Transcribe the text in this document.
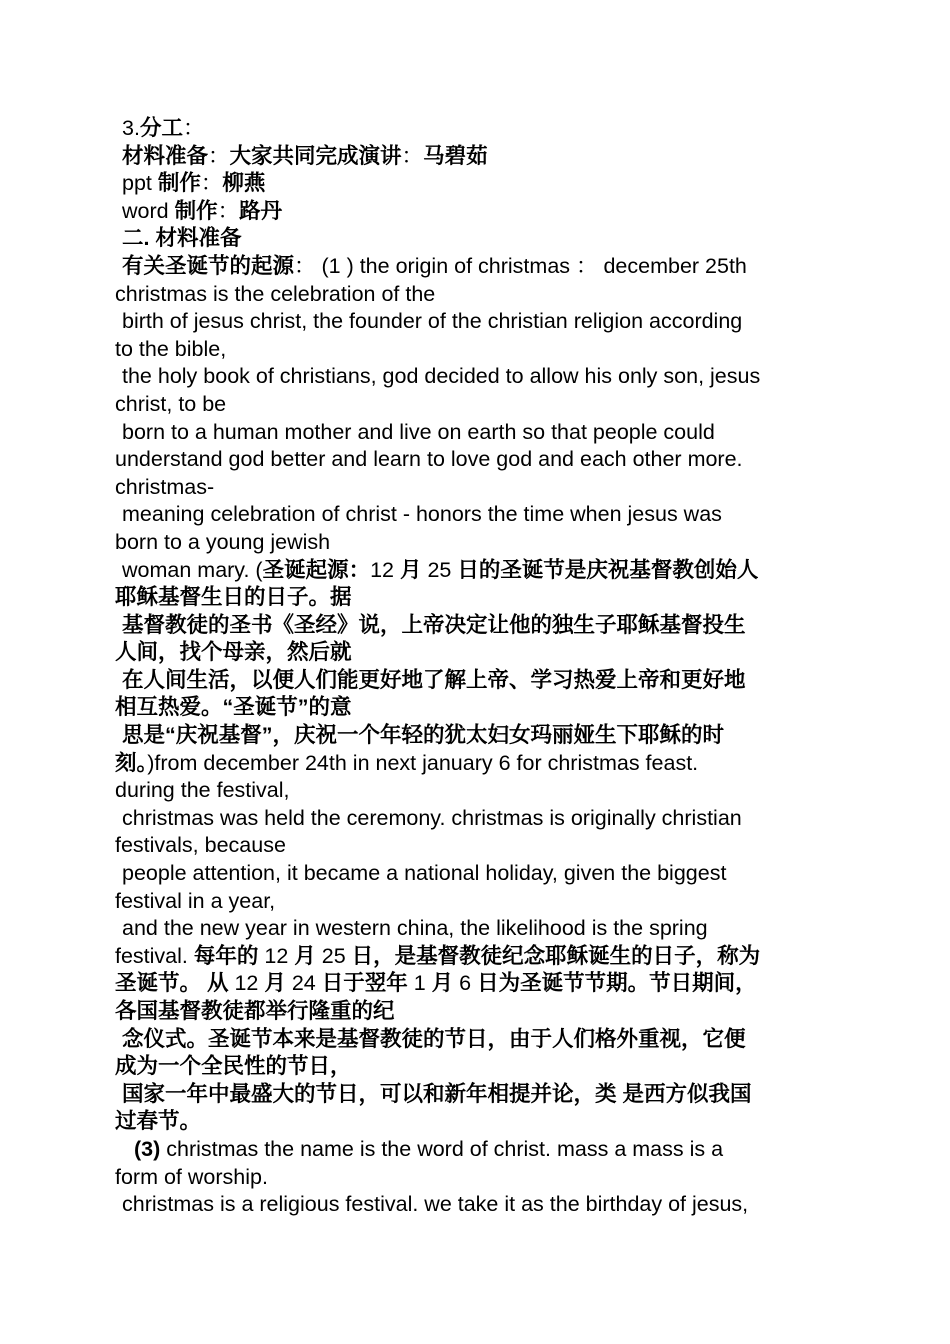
3.分工：
材料准备：大家共同完成演讲：马碧茹
ppt 制作：柳燕
word 制作：路丹
二. 材料准备
有关圣诞节的起源： (1 ) the origin of christmas ： december 25th
christmas is the celebration of the
birth of jesus christ, the founder of the christian religion according
to the bible,
the holy book of christians, god decided to allow his only son, jesus
christ, to be
born to a human mother and live on earth so that people could
understand god better and learn to love god and each other more.
christmas-
meaning celebration of christ - honors the time when jesus was
born to a young jewish
woman mary. (圣诞起源：12 月 25 日的圣诞节是庆祝基督教创始人
耶稣基督生日的日子。据
基督教徒的圣书《圣经》说，上帝决定让他的独生子耶稣基督投生
人间，找个母亲，然后就
在人间生活，以便人们能更好地了解上帝、学习热爱上帝和更好地
相互热爱。“圣诞节”的意
思是“庆祝基督”，庆祝一个年轻的犹太妇女玛丽娅生下耶稣的时
刻。)from december 24th in next january 6 for christmas feast.
during the festival,
christmas was held the ceremony. christmas is originally christian
festivals, because
people attention, it became a national holiday, given the biggest
festival in a year,
and the new year in western china, the likelihood is the spring
festival. 每年的 12 月 25 日，是基督教徒纪念耶稣诞生的日子，称为
圣诞节。 从 12 月 24 日于翌年 1 月 6 日为圣诞节节期。节日期间，
各国基督教徒都举行隆重的纪
念仪式。圣诞节本来是基督教徒的节日，由于人们格外重视，它便
成为一个全民性的节日，
国家一年中最盛大的节日，可以和新年相提并论，类 是西方似我国
过春节。
(3) christmas the name is the word of christ. mass a mass is a
form of worship.
christmas is a religious festival. we take it as the birthday of jesus,
